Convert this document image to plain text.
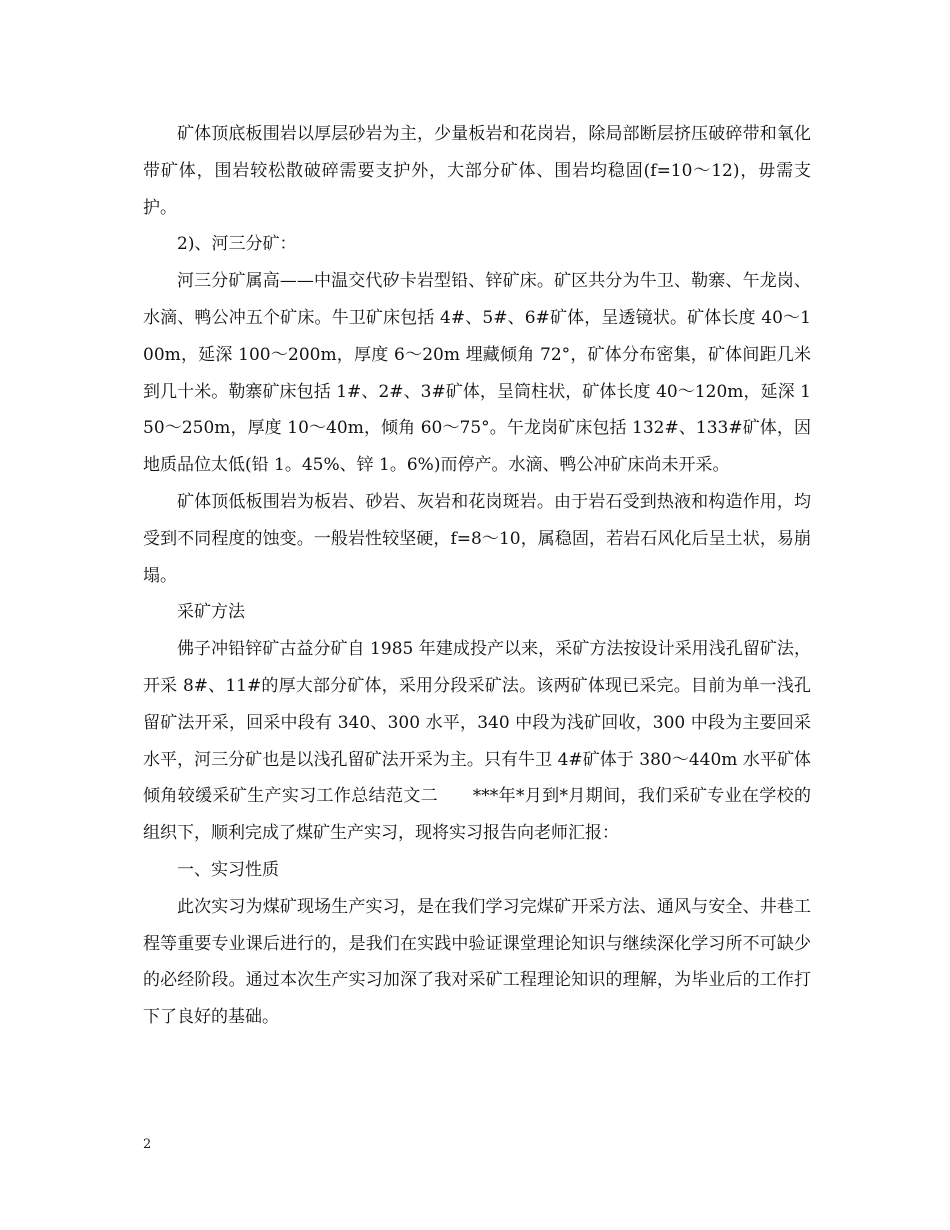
矿体顶底板围岩以厚层砂岩为主，少量板岩和花岗岩，除局部断层挤压破碎带和氧化带矿体，围岩较松散破碎需要支护外，大部分矿体、围岩均稳固(f=10～12)，毋需支护。

2)、河三分矿：

河三分矿属高——中温交代矽卡岩型铅、锌矿床。矿区共分为牛卫、勒寨、午龙岗、水滴、鸭公冲五个矿床。牛卫矿床包括 4#、5#、6#矿体，呈透镜状。矿体长度 40～100m，延深 100～200m，厚度 6～20m 埋藏倾角 72°，矿体分布密集，矿体间距几米到几十米。勒寨矿床包括 1#、2#、3#矿体，呈筒柱状，矿体长度 40～120m，延深 150～250m，厚度 10～40m，倾角 60～75°。午龙岗矿床包括 132#、133#矿体，因地质品位太低(铅 1。45%、锌 1。6%)而停产。水滴、鸭公冲矿床尚未开采。

矿体顶低板围岩为板岩、砂岩、灰岩和花岗斑岩。由于岩石受到热液和构造作用，均受到不同程度的蚀变。一般岩性较坚硬，f=8～10，属稳固，若岩石风化后呈土状，易崩塌。

采矿方法

佛子冲铅锌矿古益分矿自 1985 年建成投产以来，采矿方法按设计采用浅孔留矿法，开采 8#、11#的厚大部分矿体，采用分段采矿法。该两矿体现已采完。目前为单一浅孔留矿法开采，回采中段有 340、300 水平，340 中段为浅矿回收，300 中段为主要回采水平，河三分矿也是以浅孔留矿法开采为主。只有牛卫 4#矿体于 380～440m 水平矿体倾角较缓采矿生产实习工作总结范文二　　***年*月到*月期间，我们采矿专业在学校的组织下，顺利完成了煤矿生产实习，现将实习报告向老师汇报：

一、实习性质

此次实习为煤矿现场生产实习，是在我们学习完煤矿开采方法、通风与安全、井巷工程等重要专业课后进行的，是我们在实践中验证课堂理论知识与继续深化学习所不可缺少的必经阶段。通过本次生产实习加深了我对采矿工程理论知识的理解，为毕业后的工作打下了良好的基础。

2
